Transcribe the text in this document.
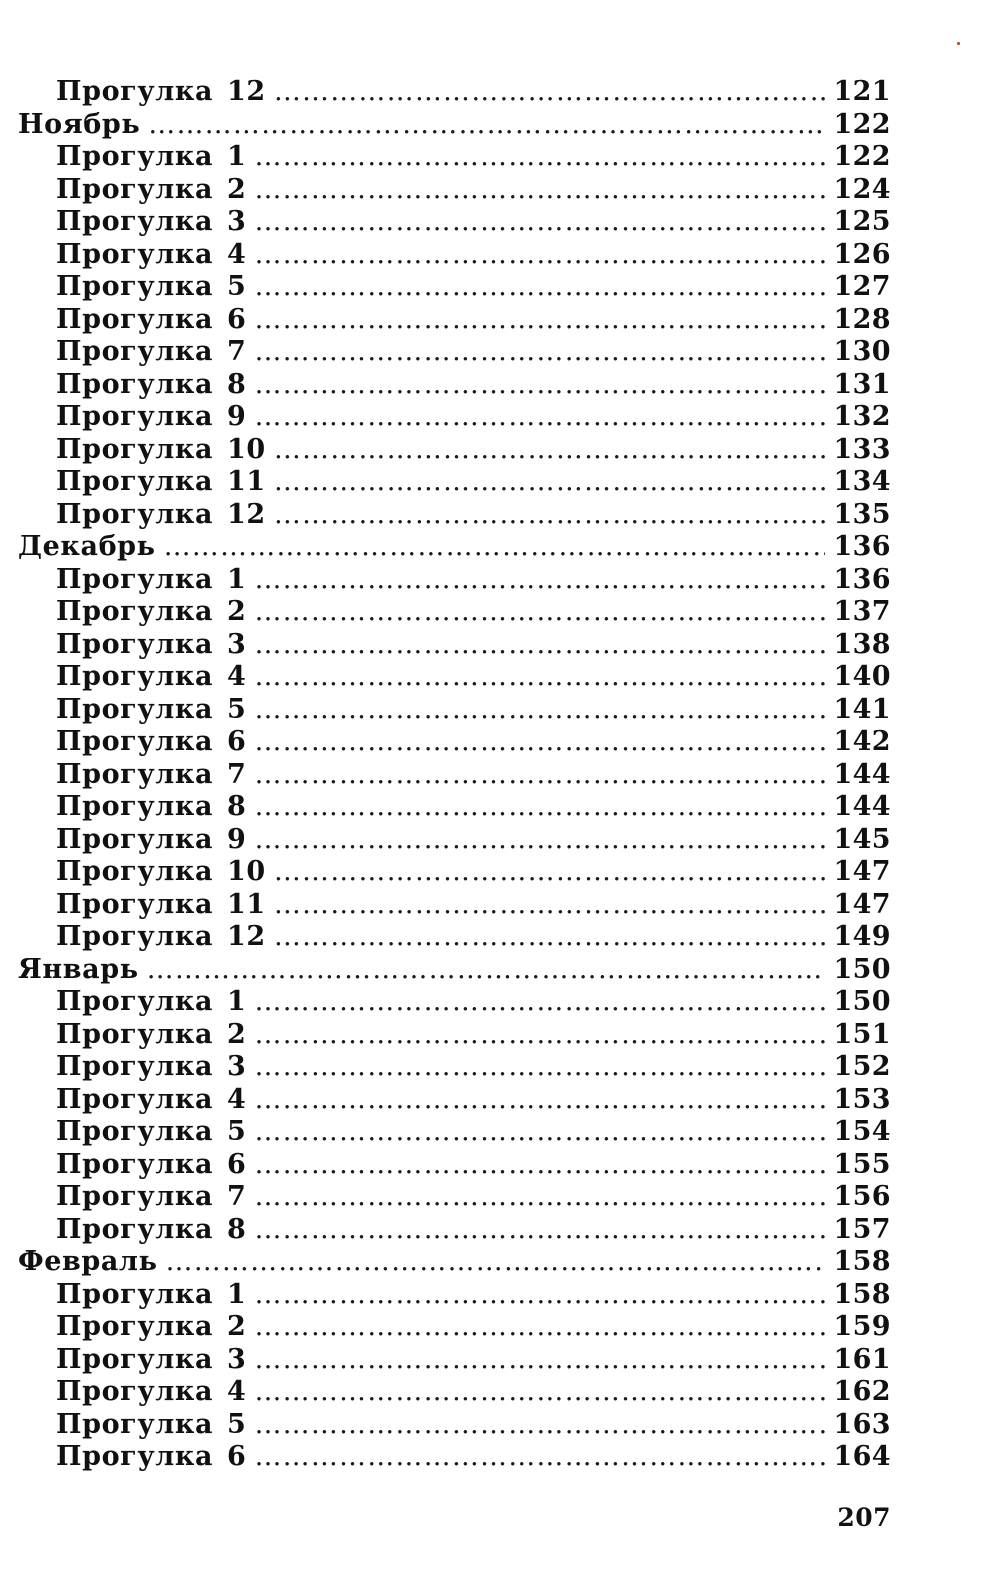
Прогулка 12 ………………………………………………………………………………………………………………………………………………………………………………………………………	121
Ноябрь ………………………………………………………………………………………………………………………………………………………………………………………………………	122
Прогулка 1 ………………………………………………………………………………………………………………………………………………………………………………………………………	122
Прогулка 2 ………………………………………………………………………………………………………………………………………………………………………………………………………	124
Прогулка 3 ………………………………………………………………………………………………………………………………………………………………………………………………………	125
Прогулка 4 ………………………………………………………………………………………………………………………………………………………………………………………………………	126
Прогулка 5 ………………………………………………………………………………………………………………………………………………………………………………………………………	127
Прогулка 6 ………………………………………………………………………………………………………………………………………………………………………………………………………	128
Прогулка 7 ………………………………………………………………………………………………………………………………………………………………………………………………………	130
Прогулка 8 ………………………………………………………………………………………………………………………………………………………………………………………………………	131
Прогулка 9 ………………………………………………………………………………………………………………………………………………………………………………………………………	132
Прогулка 10 ………………………………………………………………………………………………………………………………………………………………………………………………………	133
Прогулка 11 ………………………………………………………………………………………………………………………………………………………………………………………………………	134
Прогулка 12 ………………………………………………………………………………………………………………………………………………………………………………………………………	135
Декабрь ………………………………………………………………………………………………………………………………………………………………………………………………………	136
Прогулка 1 ………………………………………………………………………………………………………………………………………………………………………………………………………	136
Прогулка 2 ………………………………………………………………………………………………………………………………………………………………………………………………………	137
Прогулка 3 ………………………………………………………………………………………………………………………………………………………………………………………………………	138
Прогулка 4 ………………………………………………………………………………………………………………………………………………………………………………………………………	140
Прогулка 5 ………………………………………………………………………………………………………………………………………………………………………………………………………	141
Прогулка 6 ………………………………………………………………………………………………………………………………………………………………………………………………………	142
Прогулка 7 ………………………………………………………………………………………………………………………………………………………………………………………………………	144
Прогулка 8 ………………………………………………………………………………………………………………………………………………………………………………………………………	144
Прогулка 9 ………………………………………………………………………………………………………………………………………………………………………………………………………	145
Прогулка 10 ………………………………………………………………………………………………………………………………………………………………………………………………………	147
Прогулка 11 ………………………………………………………………………………………………………………………………………………………………………………………………………	147
Прогулка 12 ………………………………………………………………………………………………………………………………………………………………………………………………………	149
Январь ………………………………………………………………………………………………………………………………………………………………………………………………………	150
Прогулка 1 ………………………………………………………………………………………………………………………………………………………………………………………………………	150
Прогулка 2 ………………………………………………………………………………………………………………………………………………………………………………………………………	151
Прогулка 3 ………………………………………………………………………………………………………………………………………………………………………………………………………	152
Прогулка 4 ………………………………………………………………………………………………………………………………………………………………………………………………………	153
Прогулка 5 ………………………………………………………………………………………………………………………………………………………………………………………………………	154
Прогулка 6 ………………………………………………………………………………………………………………………………………………………………………………………………………	155
Прогулка 7 ………………………………………………………………………………………………………………………………………………………………………………………………………	156
Прогулка 8 ………………………………………………………………………………………………………………………………………………………………………………………………………	157
Февраль ………………………………………………………………………………………………………………………………………………………………………………………………………	158
Прогулка 1 ………………………………………………………………………………………………………………………………………………………………………………………………………	158
Прогулка 2 ………………………………………………………………………………………………………………………………………………………………………………………………………	159
Прогулка 3 ………………………………………………………………………………………………………………………………………………………………………………………………………	161
Прогулка 4 ………………………………………………………………………………………………………………………………………………………………………………………………………	162
Прогулка 5 ………………………………………………………………………………………………………………………………………………………………………………………………………	163
Прогулка 6 ………………………………………………………………………………………………………………………………………………………………………………………………………	164
207
